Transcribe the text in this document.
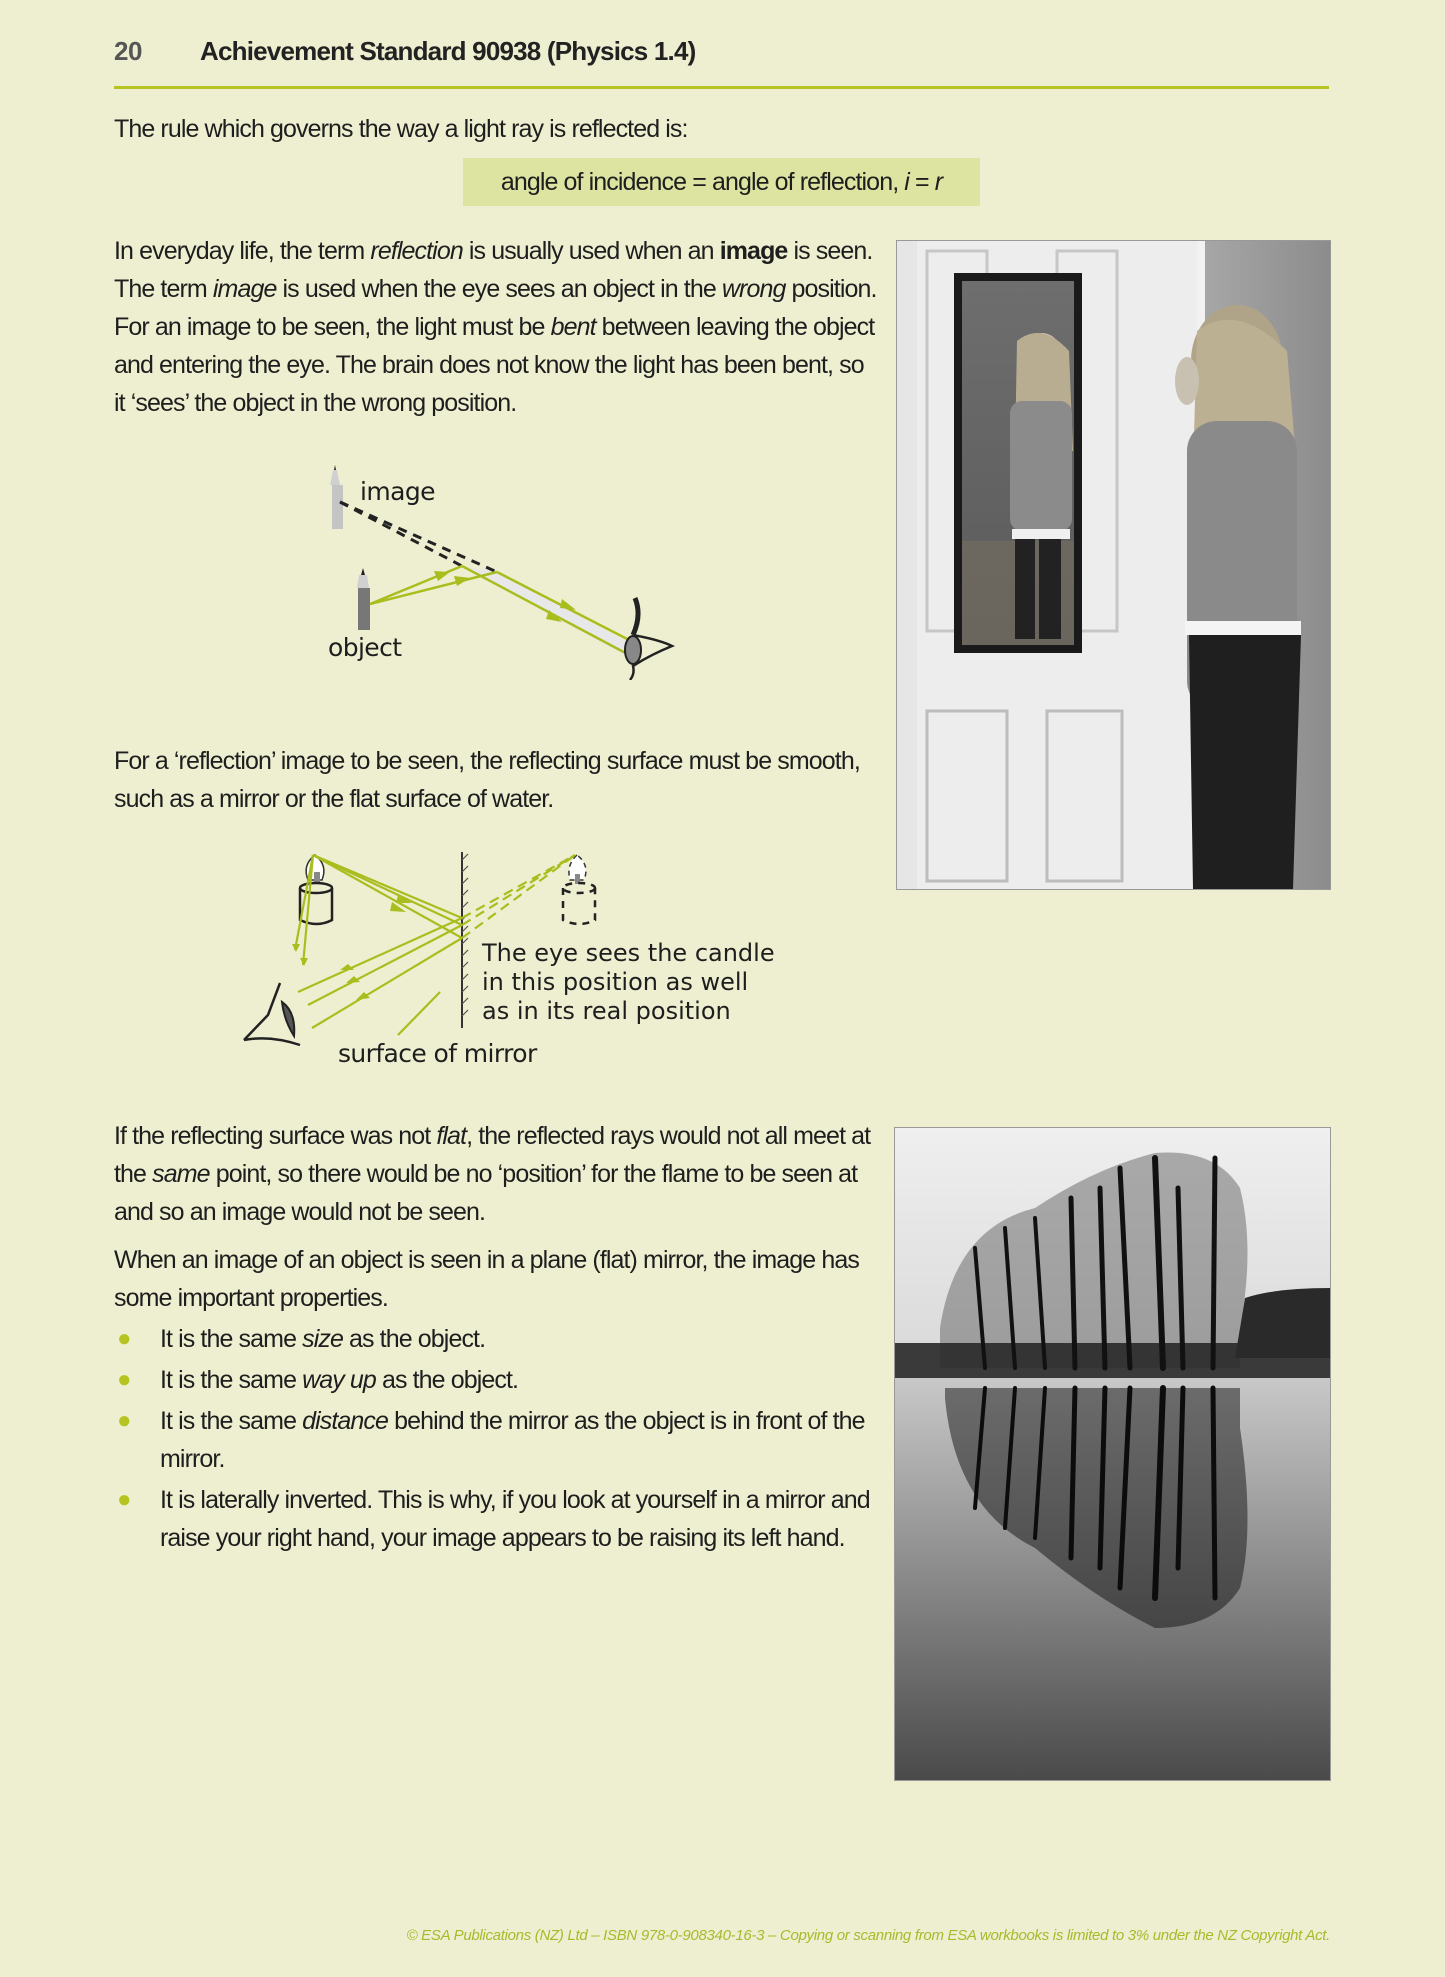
20 Achievement Standard 90938 (Physics 1.4)

The rule which governs the way a light ray is reflected is:

angle of incidence = angle of reflection, i = r

In everyday life, the term reflection is usually used when an image is seen. The term image is used when the eye sees an object in the wrong position. For an image to be seen, the light must be bent between leaving the object and entering the eye. The brain does not know the light has been bent, so it ‘sees’ the object in the wrong position.

image
object

For a ‘reflection’ image to be seen, the reflecting surface must be smooth, such as a mirror or the flat surface of water.

The eye sees the candle
in this position as well
as in its real position
surface of mirror

If the reflecting surface was not flat, the reflected rays would not all meet at the same point, so there would be no ‘position’ for the flame to be seen at and so an image would not be seen.

When an image of an object is seen in a plane (flat) mirror, the image has some important properties.

● It is the same size as the object.
● It is the same way up as the object.
● It is the same distance behind the mirror as the object is in front of the mirror.
● It is laterally inverted. This is why, if you look at yourself in a mirror and raise your right hand, your image appears to be raising its left hand.
© ESA Publications (NZ) Ltd – ISBN 978-0-908340-16-3 – Copying or scanning from ESA workbooks is limited to 3% under the NZ Copyright Act.
